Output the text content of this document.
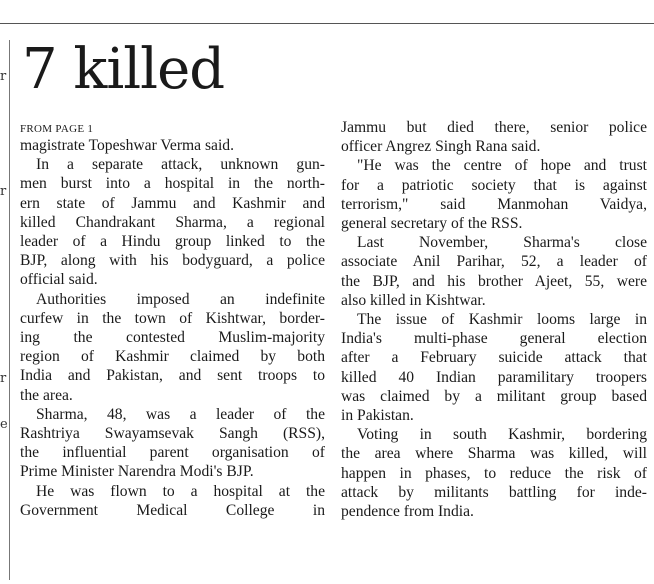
r
r
r
e
7 killed
FROM PAGE 1

magistrate Topeshwar Verma said.

In a separate attack, unknown gun-
men burst into a hospital in the north-
ern state of Jammu and Kashmir and
killed Chandrakant Sharma, a regional
leader of a Hindu group linked to the
BJP, along with his bodyguard, a police
official said.

Authorities imposed an indefinite
curfew in the town of Kishtwar, border-
ing the contested Muslim-majority
region of Kashmir claimed by both
India and Pakistan, and sent troops to
the area.

Sharma, 48, was a leader of the
Rashtriya Swayamsevak Sangh (RSS),
the influential parent organisation of
Prime Minister Narendra Modi's BJP.

He was flown to a hospital at the
Government Medical College in

Jammu but died there, senior police
officer Angrez Singh Rana said.

"He was the centre of hope and trust
for a patriotic society that is against
terrorism," said Manmohan Vaidya,
general secretary of the RSS.

Last November, Sharma's close
associate Anil Parihar, 52, a leader of
the BJP, and his brother Ajeet, 55, were
also killed in Kishtwar.

The issue of Kashmir looms large in
India's multi-phase general election
after a February suicide attack that
killed 40 Indian paramilitary troopers
was claimed by a militant group based
in Pakistan.

Voting in south Kashmir, bordering
the area where Sharma was killed, will
happen in phases, to reduce the risk of
attack by militants battling for inde-
pendence from India.
